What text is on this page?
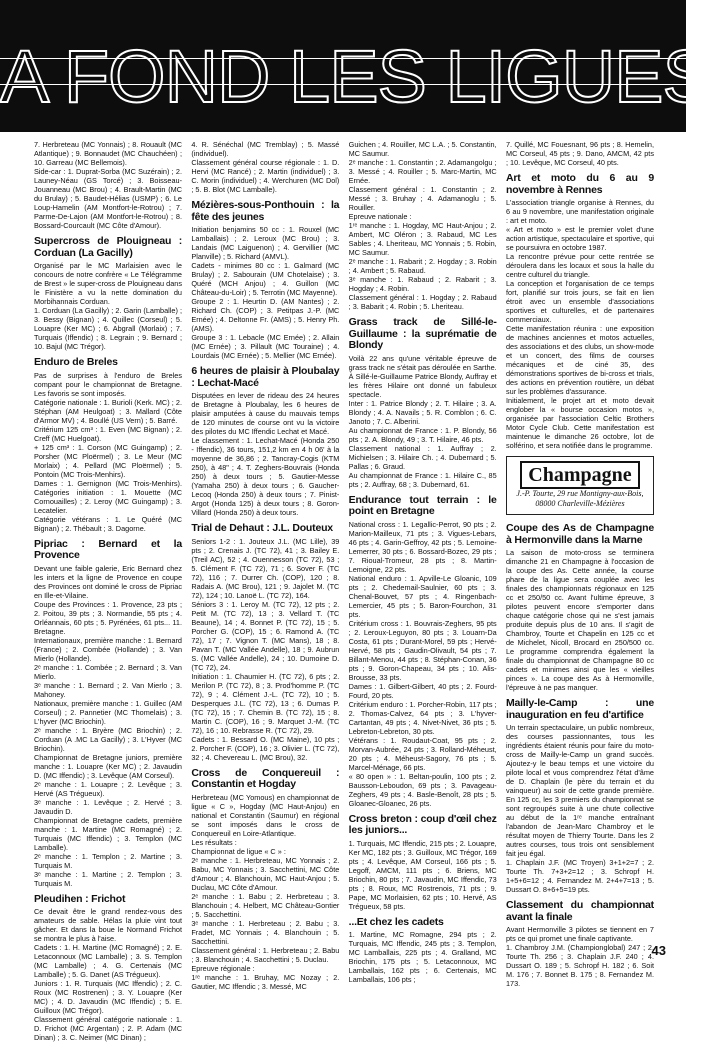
A FOND LES LIGUES

7. Herbreteau (MC Yonnais) ; 8. Rouault (MC Atlantique) ; 9. Bonnaudet (MC Chauchéen) ; 10. Garreau (MC Bellemois).

Side-car : 1. Duprat-Sorba (MC Suzérain) ; 2. Launey-Néau (GS Torcé) ; 3. Boisseau-Jouanneau (MC Brou) ; 4. Brault-Martin (MC du Brulay) ; 5. Baudet-Hélias (USMP) ; 6. Le Loup-Hamelin (AM Montfort-le-Rotrou) ; 7. Parme-De-Lajon (AM Montfort-le-Rotrou) ; 8. Bossard-Courcault (MC Côte d'Amour).

Supercross de Plouigneau : Corduan (La Gacilly)

Organisé par le MC Marlaisien avec le concours de notre confrère « Le Télégramme de Brest » le super-cross de Plouigneau dans le Finistère a vu la nette domination du Morbihannais Corduan.

1. Corduan (La Gacilly) ; 2. Garin (Lamballe) ; 3. Bessy (Bignan) ; 4. Quillec (Corseul) ; 5. Louapre (Ker MC) ; 6. Abgrall (Morlaix) ; 7. Turquais (Iffendic) ; 8. Legrain ; 9. Bernard ; 10. Bajul (MC Trégor).

Enduro de Breles

Pas de surprises à l'enduro de Breles compant pour le championnat de Bretagne. Les favoris se sont imposés.

Catégorie nationale : 1. Burioli (Kerk. MC) ; 2. Stéphan (AM Heulgoat) ; 3. Mallard (Côte d'Armor MV) ; 4. Boullé (US Vern) ; 5. Barré.

Critérium 125 cm³ : 1. Even (MC Bignan) ; 2. Creff (MC Huelgoat).

+ 125 cm³ : 1. Corson (MC Guingamp) ; 2. Porsher (MC Ploërmel) ; 3. Le Meur (MC Morlaix) ; 4. Pellard (MC Ploërmel) ; 5. Pontoin (MC Trois-Menhirs).

Dames : 1. Gernignon (MC Trois-Menhirs). Catégories initiation : 1. Mouette (MC Cornouailles) ; 2. Leroy (MC Guingamp) ; 3. Lecatelier.

Catégorie vétérans : 1. Le Quéré (MC Bignan) ; 2. Thébault ; 3. Dagorne.

Pipriac : Bernard et la Provence

Devant une faible galerie, Eric Bernard chez les inters et la ligne de Provence en coupe des Provinces ont dominé le cross de Pipriac en Ille-et-Vilaine.

Coupe des Provinces : 1. Provence, 23 pts ; 2. Poitou, 39 pts ; 3. Normandie, 55 pts ; 4. Orléannais, 60 pts ; 5. Pyrénées, 61 pts... 11. Bretagne.

Internationaux, première manche : 1. Bernard (France) ; 2. Combée (Hollande) ; 3. Van Mierlo (Hollande).

2ᵉ manche : 1. Combée ; 2. Bernard ; 3. Van Mierlo.

3ᵉ manche : 1. Bernard ; 2. Van Mierlo ; 3. Mahoney.

Nationaux, première manche : 1. Guillec (AM Corseul) ; 2. Pannetier (MC Thomelais) ; 3. L'hyver (MC Briochin).

2ᵉ manche : 1. Bryère (MC Briochin) ; 2. Corduan (A .MC La Gacilly) ; 3. L'Hyver (MC Briochin).

Championnat de Bretagne juniors, première manche : 1. Louapre (Ker MC) ; 2. Javaudin D. (MC Iffendic) ; 3. Levêque (AM Corseul).

2ᵉ manche : 1. Louapre ; 2. Levêque ; 3. Hervé (AS Tréguеux).

3ᵉ manche : 1. Levêque ; 2. Hervé ; 3. Javaudin D.

Championnat de Bretagne cadets, première manche : 1. Martine (MC Romagné) ; 2. Turquais (MC Iffendic) ; 3. Templon (MC Lamballe).

2ᵉ manche : 1. Templon ; 2. Martine ; 3. Turquais M.

3ᵉ manche : 1. Martine ; 2. Templon ; 3. Turquais M.

Pleudihen : Frichot

Ce devait être le grand rendez-vous des amateurs de sable. Hélas la pluie vint tout gâcher. Et dans la boue le Normand Frichot se montra le plus à l'aise.

Cadets : 1. H. Martine (MC Romagné) ; 2. E. Letaconnoux (MC Lamballe) ; 3. S. Templon (MC Lamballe) ; 4. G. Certenais (MC Lamballe) ; 5. G. Danet (AS Tréguеux).

Juniors : 1. R. Turquais (MC Iffendic) ; 2. C. Roux (MC Rostrenen) ; 3. Y. Louapre (Ker MC) ; 4. D. Javaudin (MC Iffendic) ; 5. E. Guilloux (MC Trégor).

Classement général catégorie nationale : 1. D. Frichot (MC Argentan) ; 2. P. Adam (MC Dinan) ; 3. C. Neimer (MC Dinan) ;

4. R. Sénéchal (MC Tremblay) ; 5. Massé (individuel).

Classement général course régionale : 1. D. Hervi (MC Rancé) ; 2. Martin (individuel) ; 3. C. Morin (individuel) ; 4. Werchuren (MC Dol) ; 5. B. Blot (MC Lamballe).

Mézières-sous-Ponthouin : la fête des jeunes

Initiation benjamins 50 cc : 1. Rouxel (MC Lamballais) ; 2. Leroux (MC Brou) ; 3. Landais (MC Laiguenon) ; 4. Gervillier (MC Planville) ; 5. Richard (AMVL).

Cadets - minimes 80 cc : 1. Galmard (MC Brulay) ; 2. Sabourain (UM Chotelaise) ; 3. Quéré (MCH Anjou) ; 4. Guillon (MC Château-du-Loir) ; 5. Terrotin (MC Mayenne).

Groupe 2 : 1. Heurtin D. (AM Nantes) ; 2. Richard Ch. (COP) ; 3. Petitpas J.-P. (MC Ernée) ; 4. Deltonne Fr. (AMS) ; 5. Henry Ph. (AMS).

Groupe 3 : 1. Lebacle (MC Ernée) ; 2. Allain (MC Ernée) ; 3. Pillault (MC Touraine) ; 4. Lourdais (MC Ernée) ; 5. Mellier (MC Ernée).

6 heures de plaisir à Ploubalay : Lechat-Macé

Disputées en lever de rideau des 24 heures de Bretagne à Ploubalay, les 6 heures de plaisir amputées à cause du mauvais temps de 120 minutes de course ont vu la victoire des pilotes du MC Iffendic Lechat et Macé.

Le classement : 1. Lechat-Macé (Honda 250 - Iffendic), 36 tours, 151,2 km en 4 h 06' à la moyenne de 36,86 ; 2. Tancray-Cogis (KTM 250), à 48" ; 4. T. Zeghers-Bouvrais (Honda 250) à deux tours ; 5. Gautier-Messe (Yamaha 250) à deux tours ; 6. Gaucher-Lecoq (Honda 250) à deux tours ; 7. Pinist-Argot (Honda 125) à deux tours ; 8. Goron-Villard (Honda 250) à deux tours.

Trial de Dehaut : J.L. Douteux

Seniors 1-2 : 1. Jouteux J.L. (MC Lille), 39 pts ; 2. Crenais J. (TC 72), 41 ; 3. Bailey E. (Treil AC), 52 ; 4. Ouennesson (TC 72), 53 ; 5. Clément F. (TC 72), 71 ; 6. Sover F. (TC 72), 116 ; 7. Durrer Ch. (COP), 120 ; 8. Radais A. (MC Brou), 121 ; 9. Jajolet M. (TC 72), 124 ; 10. Lanoë L. (TC 72), 164.

Séniors 3 : 1. Leroy M. (TC 72), 12 pts ; 2. Petit M. (TC 72), 13 ; 3. Vellard T. (TC Beaune), 14 ; 4. Bonnet P. (TC 72), 15 ; 5. Porcher G. (COP), 15 ; 6. Ramond A. (TC 72), 17 ; 7. Vignon T. (MC Mans), 18 ; 8. Pavan T. (MC Vallée Andelle), 18 ; 9. Aubrun S. (MC Vallée Andelle), 24 ; 10. Dumoine D. (TC 72), 24.

Initiation : 1. Chaumier H. (TC 72), 6 pts ; 2. Merilon P. (TC 72), 8 ; 3. Prod'homme P. (TC 72), 9 ; 4. Clément J.-L. (TC 72), 10 ; 5. Desperques J.L. (TC 72), 13 ; 6. Dumas P. (TC 72), 15 ; 7. Chemin B. (TC 72), 15 ; 8. Martin C. (COP), 16 ; 9. Marquet J.-M. (TC 72), 16 ; 10. Rebrasse R. (TC 72), 29.

Cadets : 1. Bessard O. (MC Maine), 10 pts ; 2. Porcher F. (COP), 16 ; 3. Olivier L. (TC 72), 32 ; 4. Chevereau L. (MC Brou), 32.

Cross de Conquereuil : Constantin et Hogday

Herbreteau (MC Yomous) en championnat de ligue « C », Hogday (MC Haut-Anjou) en national et Constantin (Saumur) en régional se sont imposés dans le cross de Conquereuil en Loire-Atlantique.

Les résultats :

Championnat de ligue « C » :

2ᵉ manche : 1. Herbreteau, MC Yonnais ; 2. Babu, MC Yonnais ; 3. Sacchettini, MC Côte d'Amour ; 4. Blanchouin, MC Haut-Anjou ; 5. Duclau, MC Côte d'Amour.

2ᵉ manche : 1. Babu ; 2. Herbreteau ; 3. Blanchouin ; 4. Helbert, MC Château-Gontier ; 5. Sacchettini.

3ᵉ manche : 1. Herbreteau ; 2. Babu ; 3. Fradet, MC Yonnais ; 4. Blanchouin ; 5. Sacchettini.

Classement général : 1. Herbreteau ; 2. Babu ; 3. Blanchouin ; 4. Sacchettini ; 5. Duclau.

Epreuve régionale :

1ʳᵉ manche : 1. Bruhay, MC Nozay ; 2. Gautier, MC Iffendic ; 3. Messé, MC

Guichen ; 4. Rouiller, MC L.A. ; 5. Constantin, MC Saumur.

2ᵉ manche : 1. Constantin ; 2. Adamangolgu ; 3. Messé ; 4. Rouiller ; 5. Marc-Martin, MC Ernée.

Classement général : 1. Constantin ; 2. Messé ; 3. Bruhay ; 4. Adamanoglu ; 5. Rouiller.

Epreuve nationale :

1ʳᵉ manche : 1. Hogday, MC Haut-Anjou ; 2. Ambert, MC Oléron ; 3. Rabaud, MC Les Sables ; 4. Lheriteau, MC Yonnais ; 5. Robin, MC Saumur.

2ᵉ manche : 1. Rabarit ; 2. Hogday ; 3. Robin ; 4. Ambert ; 5. Rabaud.

3ᵉ manche : 1. Rabaud ; 2. Rabarit ; 3. Hogday ; 4. Robin.

Classement général : 1. Hogday ; 2. Rabaud ; 3. Babarit ; 4. Robin ; 5. Lheriteau.

Grass track de Sillé-le-Guillaume : la suprématie de Blondy

Voilà 22 ans qu'une véritable épreuve de grass track ne s'était pas déroulée en Sarthe. À Sillé-le-Guillaume Patrice Blondy, Auffray et les frères Hilaire ont donné un fabuleux spectacle.

Inter : 1. Patrice Blondy ; 2. T. Hilaire ; 3. A. Blondy ; 4. A. Navails ; 5. R. Comblon ; 6. C. Janoto ; 7. C. Alberini.

Au championnat de France : 1. P. Blondy, 56 pts ; 2. A. Blondy, 49 ; 3. T. Hilaire, 46 pts.

Classement national : 1. Auffray ; 2. Michielsen ; 3. Hilaire Ch. ; 4. Dubernard ; 5. Pallas ; 6. Graud.

Au championnat de France : 1. Hilaire C., 85 pts ; 2. Auffray, 68 ; 3. Dubernard, 61.

Endurance tout terrain : le point en Bretagne

National cross : 1. Legallic-Perrot, 90 pts ; 2. Marion-Maillеux, 71 pts ; 3. Vigues-Lebars, 46 pts ; 4. Garin-Geffroy, 42 pts ; 5. Lemoine-Lemerrer, 30 pts ; 6. Bossard-Bozec, 29 pts ; 7. Rioual-Tromeur, 28 pts ; 8. Martin-Lemoigne, 22 pts.

National enduro : 1. Apville-Le Gloanic, 109 pts ; 2. Chedemail-Saulnier, 60 pts ; 3. Chenal-Bouvet, 57 pts ; 4. Ringenbach-Lemercier, 45 pts ; 5. Baron-Fourchon, 31 pts.

Critérium cross : 1. Bouvrais-Zeghers, 95 pts ; 2. Leroux-Leguyon, 80 pts ; 3. Louarn-Da Costa, 61 pts ; Durant-Morel, 59 pts ; Hervé-Hervé, 58 pts ; Gaudin-Olivault, 54 pts ; 7. Billant-Menou, 44 pts ; 8. Stéphan-Conan, 36 pts ; 9. Goron-Chapeau, 34 pts ; 10. Alis-Brousse, 33 pts.

Dames : 1. Gilbert-Gilbert, 40 pts ; 2. Fourd-Fourd, 20 pts.

Critérium enduro : 1. Porcher-Robin, 117 pts ; 2. Thomas-Calvez, 64 pts ; 3. L'hyver-Cartantan, 49 pts ; 4. Nivet-Nivet, 36 pts ; 5. Lebreton-Lebreton, 30 pts.

Vétérans : 1. Roudaut-Coat, 95 pts ; 2. Morvan-Aubrée, 24 pts ; 3. Rolland-Méheust, 20 pts ; 4. Méheust-Sagory, 76 pts ; 5. Marcel-Ménage, 66 pts.

« 80 open » : 1. Beltan-poulin, 100 pts ; 2. Bausson-Leboudon, 69 pts ; 3. Pavageau-Zeghers, 49 pts ; 4. Basle-Benoît, 28 pts ; 5. Gloanec-Gloanec, 26 pts.

Cross breton : coup d'œil chez les juniors...

1. Turquais, MC Iffendic, 215 pts ; 2. Louapre, Ker MC, 182 pts ; 3. Guilloux, MC Trégor, 169 pts ; 4. Levêque, AM Corseul, 166 pts ; 5. Legoff, AMCM, 111 pts ; 6. Briens, MC Briochin, 80 pts ; 7. Javaudin, MC Iffendic, 73 pts ; 8. Roux, MC Rostrenois, 71 pts ; 9. Pape, MC Morlaisien, 62 pts ; 10. Hervé, AS Tréguеux, 58 pts.

...Et chez les cadets

1. Martine, MC Romagne, 294 pts ; 2. Turquais, MC Iffendic, 245 pts ; 3. Templon, MC Lamballais, 225 pts ; 4. Gralland, MC Briochin, 175 pts ; 5. Letaconnoux, MC Lamballais, 162 pts ; 6. Certenais, MC Lamballais, 106 pts ;

7. Quillé, MC Fouesnant, 96 pts ; 8. Hemelin, MC Corseul, 45 pts ; 9. Dano, AMCM, 42 pts ; 10. Levêque, MC Corseul, 40 pts.

Art et moto du 6 au 9 novembre à Rennes

L'association triangle organise à Rennes, du 6 au 9 novembre, une manifestation originale : art et moto.

« Art et moto » est le premier volet d'une action artistique, spectaculaire et sportive, qui se poursuivra en octobre 1987.

La rencontre prévue pour cette rentrée se déroulera dans les locaux et sous la halle du centre culturel du triangle.

La conception et l'organisation de ce temps fort, planifié sur trois jours, se fait en lien étroit avec un ensemble d'associations sportives et culturelles, et de partenaires commerciaux.

Cette manifestation réunira : une exposition de machines anciennes et motos actuelles, des associations et des clubs, un show-mode et un concert, des films de courses mécaniques et de ciné 35, des démonstrations sportives de bi-cross et trials, des actions en prévention routière, un débat sur les problèmes d'assurance.

Initialement, le projet art et moto devait englober la « bourse occasion motos », organisée par l'association Celtic Brothers Motor Cycle Club. Cette manifestation est maintenue le dimanche 26 octobre, lot de solférino, et sera notifiée dans le programme.

Champagne
J.-P. Tourte, 29 rue Montigny-aux-Bois,
08000 Charleville-Mézières
Coupe des As de Champagne à Hermonville dans la Marne

La saison de moto-cross se terminera dimanche 21 en Champagne à l'occasion de la coupe des As. Cette année, la course phare de la ligue sera couplée avec les finales des championnats régionaux en 125 cc et 250/50 cc. Avant l'ultime épreuve, 3 pilotes peuvent encore s'emporter dans chaque catégorie chose qui ne s'est jamais produite depuis plus de 10 ans. Il s'agit de Chambroy, Tourte et Chapelin en 125 cc et de Michelet, Nicoll, Brocard en 250/500 cc. Le programme comprendra également la finale du championnat de Champagne 80 cc cadets et minimes ainsi que les « vieilles pinces ». La coupe des As à Hermonville, l'épreuve à ne pas manquer.

Mailly-le-Camp : une inauguration en feu d'artifice

Un terrain spectaculaire, un public nombreux, des courses passionnantes, tous les ingrédients étaient réunis pour faire du moto-cross de Mailly-le-Camp un grand succès. Ajoutez-y le beau temps et une victoire du pilote local et vous comprendrez l'état d'âme de D. Chaplain (le père du terrain et du vainqueur) au soir de cette grande première. En 125 cc, les 3 premiers du championnat se sont regroupés suite à une chute collective au début de la 1ʳᵉ manche entraînant l'abandon de Jean-Marc Chambroy et le résultat moyen de Thierry Tourte. Dans les 2 autres courses, tous trois ont sensiblement fait jeu égal.

1. Chaplain J.F. (MC Troyen) 3+1+2=7 ; 2. Tourte Th. 7+3+2=12 ; 3. Schropf H. 1+5+6=12 ; 4. Fernandez M. 2+4+7=13 ; 5. Dussart O. 8+6+5=19 pts.

Classement du championnat avant la finale

Avant Hermonville 3 pilotes se tiennent en 7 pts ce qui promet une finale captivante.

1. Chambroy J.M. (Championglobal) 247 ; 2. Tourte Th. 256 ; 3. Chaplain J.F. 240 ; 4. Dussart O. 189 ; 5. Schropf H. 182 ; 6. Soit M. 176 ; 7. Bonnet B. 175 ; 8. Fernandez M. 173.

43
